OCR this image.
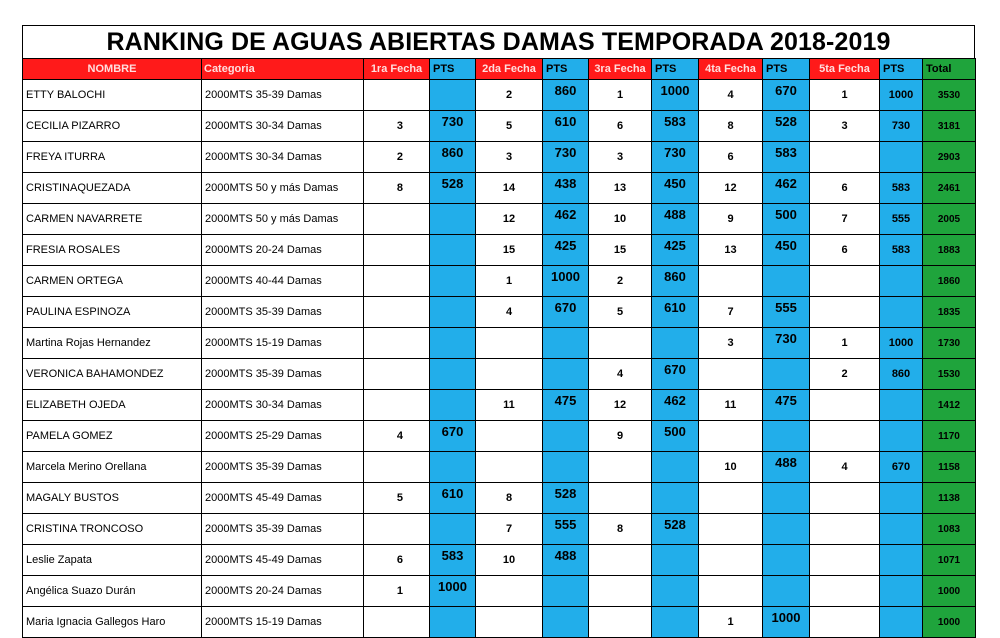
RANKING DE AGUAS ABIERTAS DAMAS TEMPORADA 2018-2019
NOMBRE	Categoria	1ra Fecha	PTS	2da Fecha	PTS	3ra Fecha	PTS	4ta Fecha	PTS	5ta Fecha	PTS	Total
ETTY BALOCHI	2000MTS 35-39 Damas			2	860	1	1000	4	670	1	1000	3530
CECILIA PIZARRO	2000MTS 30-34 Damas	3	730	5	610	6	583	8	528	3	730	3181
FREYA ITURRA	2000MTS 30-34 Damas	2	860	3	730	3	730	6	583			2903
CRISTINAQUEZADA	2000MTS 50 y más Damas	8	528	14	438	13	450	12	462	6	583	2461
CARMEN NAVARRETE	2000MTS 50 y más Damas			12	462	10	488	9	500	7	555	2005
FRESIA ROSALES	2000MTS 20-24 Damas			15	425	15	425	13	450	6	583	1883
CARMEN ORTEGA	2000MTS 40-44 Damas			1	1000	2	860					1860
PAULINA ESPINOZA	2000MTS 35-39 Damas			4	670	5	610	7	555			1835
Martina Rojas Hernandez	2000MTS 15-19 Damas							3	730	1	1000	1730
VERONICA BAHAMONDEZ	2000MTS 35-39 Damas					4	670			2	860	1530
ELIZABETH OJEDA	2000MTS 30-34 Damas			11	475	12	462	11	475			1412
PAMELA GOMEZ	2000MTS 25-29 Damas	4	670			9	500					1170
Marcela Merino Orellana	2000MTS 35-39 Damas							10	488	4	670	1158
MAGALY BUSTOS	2000MTS 45-49 Damas	5	610	8	528							1138
CRISTINA TRONCOSO	2000MTS 35-39 Damas			7	555	8	528					1083
Leslie Zapata	2000MTS 45-49 Damas	6	583	10	488							1071
Angélica Suazo Durán	2000MTS 20-24 Damas	1	1000									1000
Maria Ignacia Gallegos Haro	2000MTS 15-19 Damas							1	1000			1000
